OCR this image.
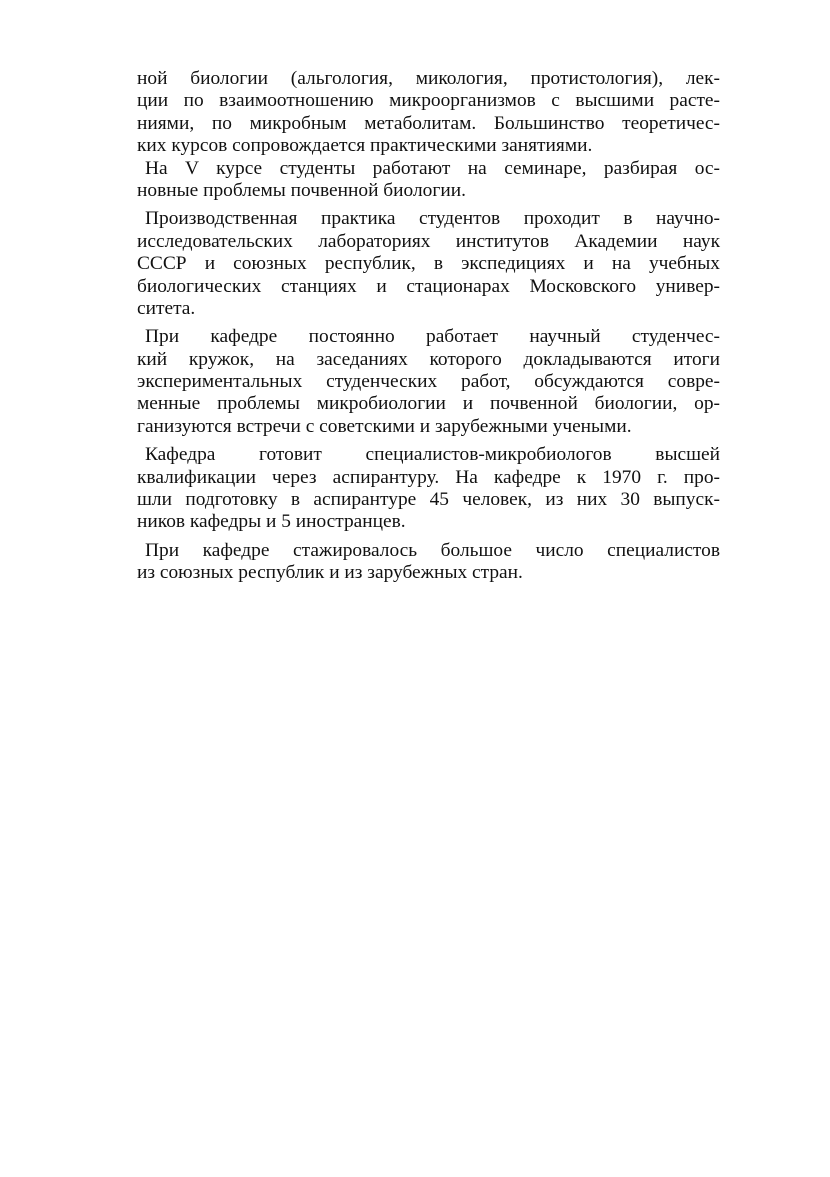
ной биологии (альгология, микология, протистология), лек-
ции по взаимоотношению микроорганизмов с высшими расте-
ниями, по микробным метаболитам. Большинство теоретичес-
ких курсов сопровождается практическими занятиями.
На V курсе студенты работают на семинаре, разбирая ос-
новные проблемы почвенной биологии.
Производственная практика студентов проходит в научно-
исследовательских лабораториях институтов Академии наук
СССР и союзных республик, в экспедициях и на учебных
биологических станциях и стационарах Московского универ-
ситета.
При кафедре постоянно работает научный студенчес-
кий кружок, на заседаниях которого докладываются итоги
экспериментальных студенческих работ, обсуждаются совре-
менные проблемы микробиологии и почвенной биологии, ор-
ганизуются встречи с советскими и зарубежными учеными.
Кафедра готовит специалистов-микробиологов высшей
квалификации через аспирантуру. На кафедре к 1970 г. про-
шли подготовку в аспирантуре 45 человек, из них 30 выпуск-
ников кафедры и 5 иностранцев.
При кафедре стажировалось большое число специалистов
из союзных республик и из зарубежных стран.
